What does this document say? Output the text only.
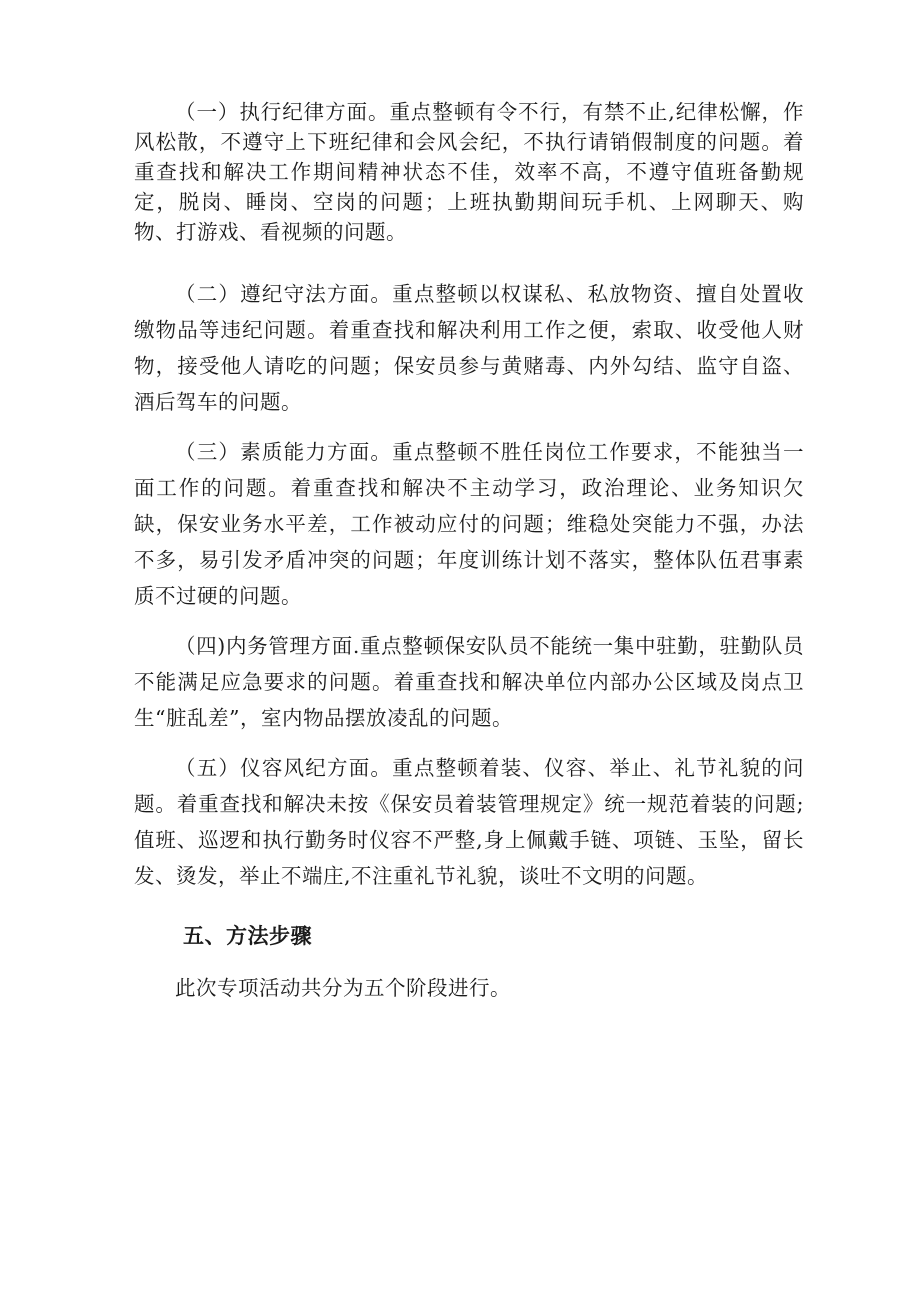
（一）执行纪律方面。重点整顿有令不行，有禁不止,纪律松懈，作风松散，不遵守上下班纪律和会风会纪，不执行请销假制度的问题。着重查找和解决工作期间精神状态不佳，效率不高，不遵守值班备勤规定，脱岗、睡岗、空岗的问题；上班执勤期间玩手机、上网聊天、购物、打游戏、看视频的问题。

（二）遵纪守法方面。重点整顿以权谋私、私放物资、擅自处置收缴物品等违纪问题。着重查找和解决利用工作之便，索取、收受他人财物，接受他人请吃的问题；保安员参与黄赌毒、内外勾结、监守自盗、酒后驾车的问题。

（三）素质能力方面。重点整顿不胜任岗位工作要求，不能独当一面工作的问题。着重查找和解决不主动学习，政治理论、业务知识欠缺，保安业务水平差，工作被动应付的问题；维稳处突能力不强，办法不多，易引发矛盾冲突的问题；年度训练计划不落实，整体队伍君事素质不过硬的问题。

（四)内务管理方面.重点整顿保安队员不能统一集中驻勤，驻勤队员不能满足应急要求的问题。着重查找和解决单位内部办公区域及岗点卫生“脏乱差”，室内物品摆放凌乱的问题。

（五）仪容风纪方面。重点整顿着装、仪容、举止、礼节礼貌的问题。着重查找和解决未按《保安员着装管理规定》统一规范着装的问题;值班、巡逻和执行勤务时仪容不严整,身上佩戴手链、项链、玉坠，留长发、烫发，举止不端庄,不注重礼节礼貌，谈吐不文明的问题。

五、方法步骤

此次专项活动共分为五个阶段进行。
